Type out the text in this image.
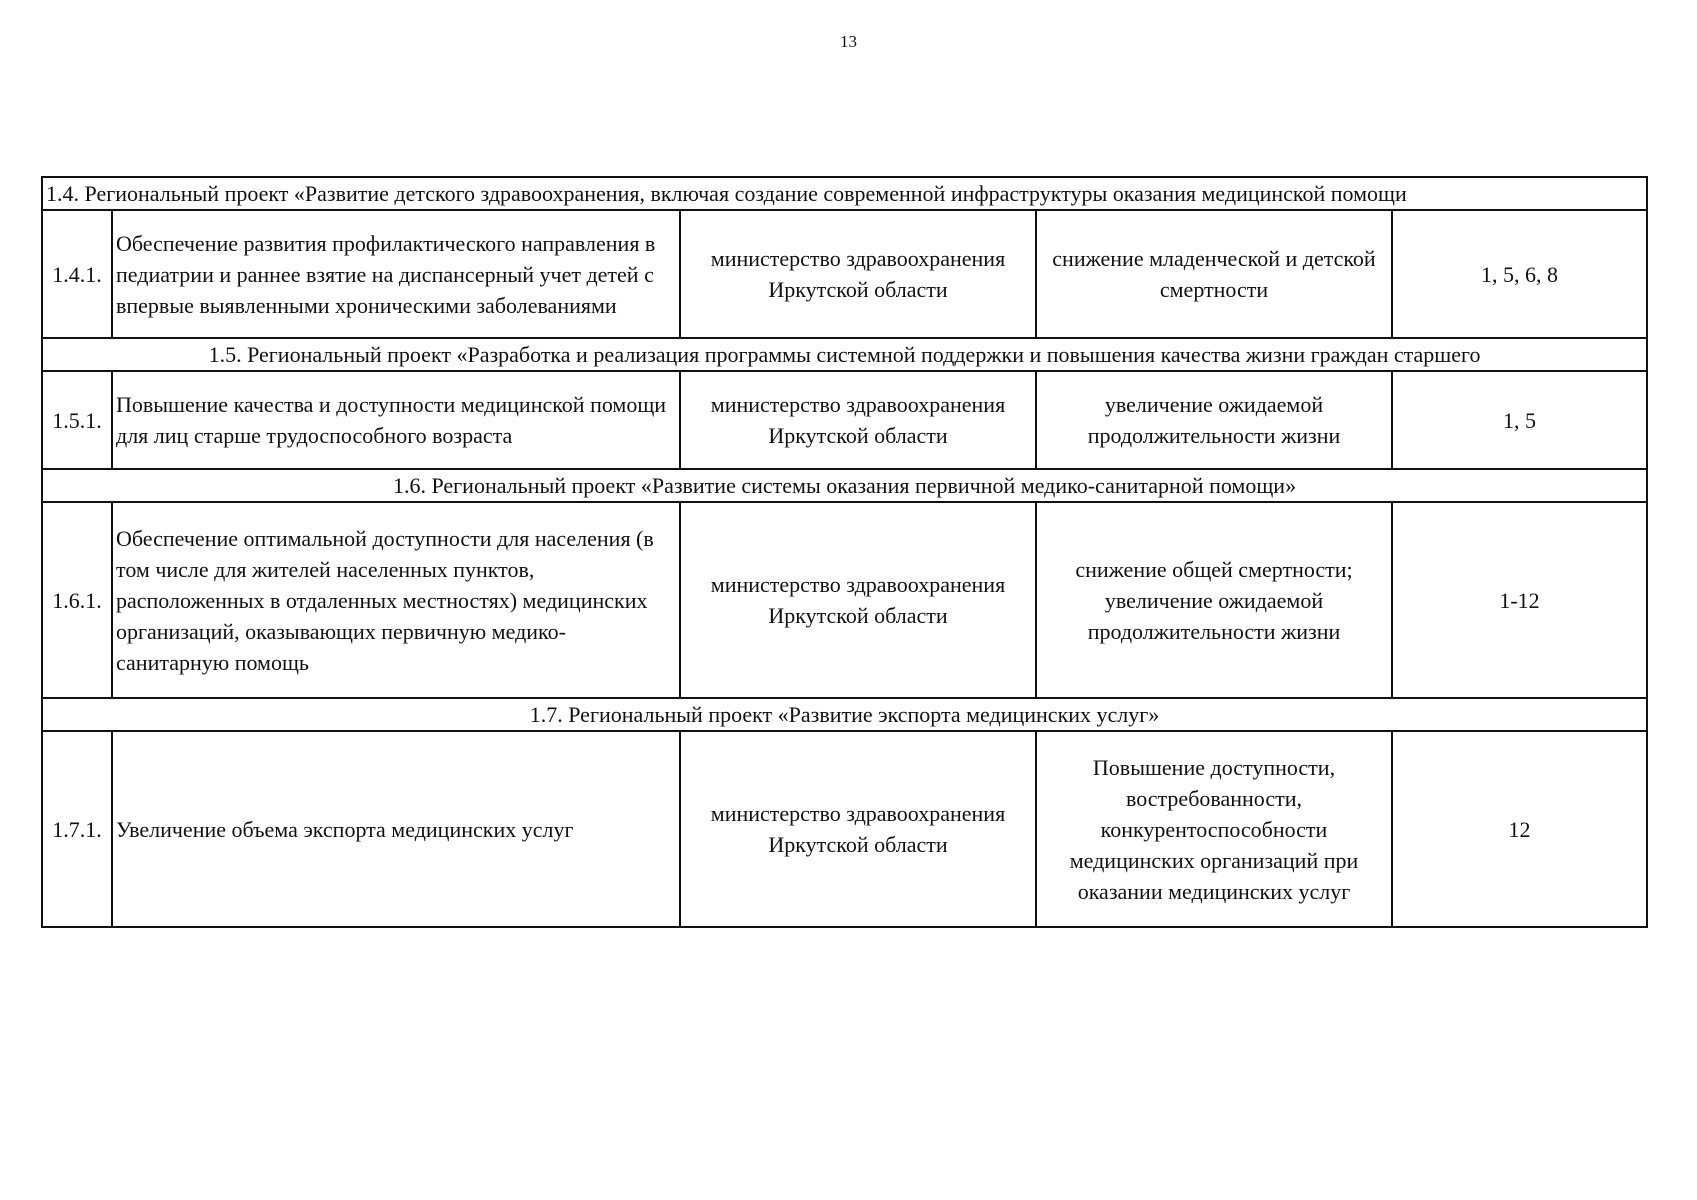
13
1.4. Региональный проект «Развитие детского здравоохранения, включая создание современной инфраструктуры оказания медицинской помощи				
1.4.1.	Обеспечение развития профилактического направления в педиатрии и раннее взятие на диспансерный учет детей с впервые выявленными хроническими заболеваниями	министерство здравоохранения Иркутской области	снижение младенческой и детской смертности	1, 5, 6, 8
1.5. Региональный проект «Разработка и реализация программы системной поддержки и повышения качества жизни граждан старшего				
1.5.1.	Повышение качества и доступности медицинской помощи для лиц старше трудоспособного возраста	министерство здравоохранения Иркутской области	увеличение ожидаемой продолжительности жизни	1, 5
1.6. Региональный проект «Развитие системы оказания первичной медико-санитарной помощи»				
1.6.1.	Обеспечение оптимальной доступности для населения (в том числе для жителей населенных пунктов, расположенных в отдаленных местностях) медицинских организаций, оказывающих первичную медико-санитарную помощь	министерство здравоохранения Иркутской области	снижение общей смертности; увеличение ожидаемой продолжительности жизни	1-12
1.7. Региональный проект «Развитие экспорта медицинских услуг»				
1.7.1.	Увеличение объема экспорта медицинских услуг	министерство здравоохранения Иркутской области	Повышение доступности, востребованности, конкурентоспособности медицинских организаций при оказании медицинских услуг	12
